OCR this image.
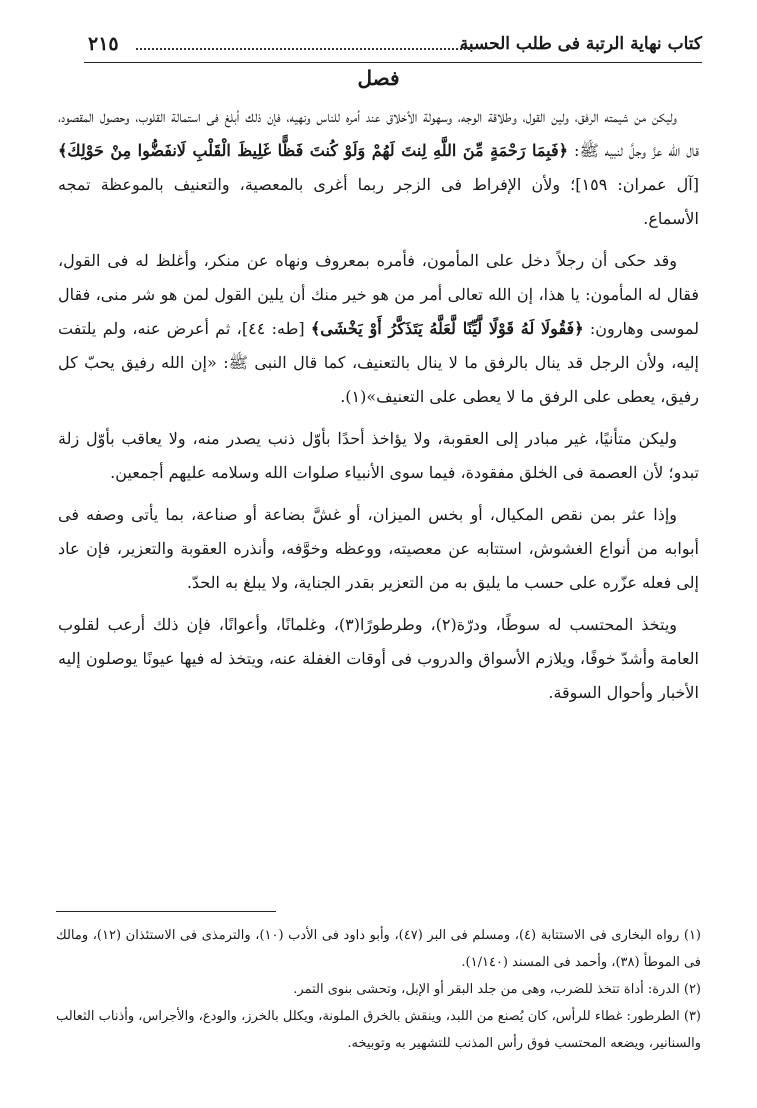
كتاب نهاية الرتبة فى طلب الحسبة
٢١٥
فصل

وليكن من شيمته الرفق، ولين القول، وطلاقة الوجه، وسهولة الأخلاق عند أمره للناس ونهيه، فإن ذلك أبلغ فى استمالة القلوب، وحصول المقصود، قال الله عزَّ وجلَّ لنبيه ﷺ: ﴿فَبِمَا رَحْمَةٍ مِّنَ اللَّهِ لِنتَ لَهُمْ وَلَوْ كُنتَ فَظًّا غَلِيظَ الْقَلْبِ لَانفَضُّوا مِنْ حَوْلِكَ﴾ [آل عمران: ١٥٩]؛ ولأن الإفراط فى الزجر ربما أغرى بالمعصية، والتعنيف بالموعظة تمجه الأسماع.

وقد حكى أن رجلاً دخل على المأمون، فأمره بمعروف ونهاه عن منكر، وأغلظ له فى القول، فقال له المأمون: يا هذا، إن الله تعالى أمر من هو خير منك أن يلين القول لمن هو شر منى، فقال لموسى وهارون: ﴿فَقُولَا لَهُ قَوْلًا لَّيِّنًا لَّعَلَّهُ يَتَذَكَّرُ أَوْ يَخْشَى﴾ [طه: ٤٤]، ثم أعرض عنه، ولم يلتفت إليه، ولأن الرجل قد ينال بالرفق ما لا ينال بالتعنيف، كما قال النبى ﷺ: «إن الله رفيق يحبّ كل رفيق، يعطى على الرفق ما لا يعطى على التعنيف»(١).

وليكن متأنيًا، غير مبادر إلى العقوبة، ولا يؤاخذ أحدًا بأوّل ذنب يصدر منه، ولا يعاقب بأوّل زلة تبدو؛ لأن العصمة فى الخلق مفقودة، فيما سوى الأنبياء صلوات الله وسلامه عليهم أجمعين.

وإذا عثر بمن نقص المكيال، أو بخس الميزان، أو غشَّ بضاعة أو صناعة، بما يأتى وصفه فى أبوابه من أنواع الغشوش، استتابه عن معصيته، ووعظه وخوَّفه، وأنذره العقوبة والتعزير، فإن عاد إلى فعله عزّره على حسب ما يليق به من التعزير بقدر الجناية، ولا يبلغ به الحدّ.

ويتخذ المحتسب له سوطًا، ودرّة(٢)، وطرطورًا(٣)، وغلمانًا، وأعوانًا، فإن ذلك أرعب لقلوب العامة وأشدّ خوفًا، ويلازم الأسواق والدروب فى أوقات الغفلة عنه، ويتخذ له فيها عيونًا يوصلون إليه الأخبار وأحوال السوقة.

(١) رواه البخارى فى الاستتابة (٤)، ومسلم فى البر (٤٧)، وأبو داود فى الأدب (١٠)، والترمذى فى الاستئذان (١٢)، ومالك فى الموطأ (٣٨)، وأحمد فى المسند (١/١٤٠).

(٢) الدرة: أداة تتخذ للضرب، وهى من جلد البقر أو الإبل، وتحشى بنوى التمر.

(٣) الطرطور: غطاء للرأس، كان يُصنع من اللبد، وينقش بالخرق الملونة، ويكلل بالخرز، والودع، والأجراس، وأذناب الثعالب والسنانير، ويضعه المحتسب فوق رأس المذنب للتشهير به وتوبيخه.
